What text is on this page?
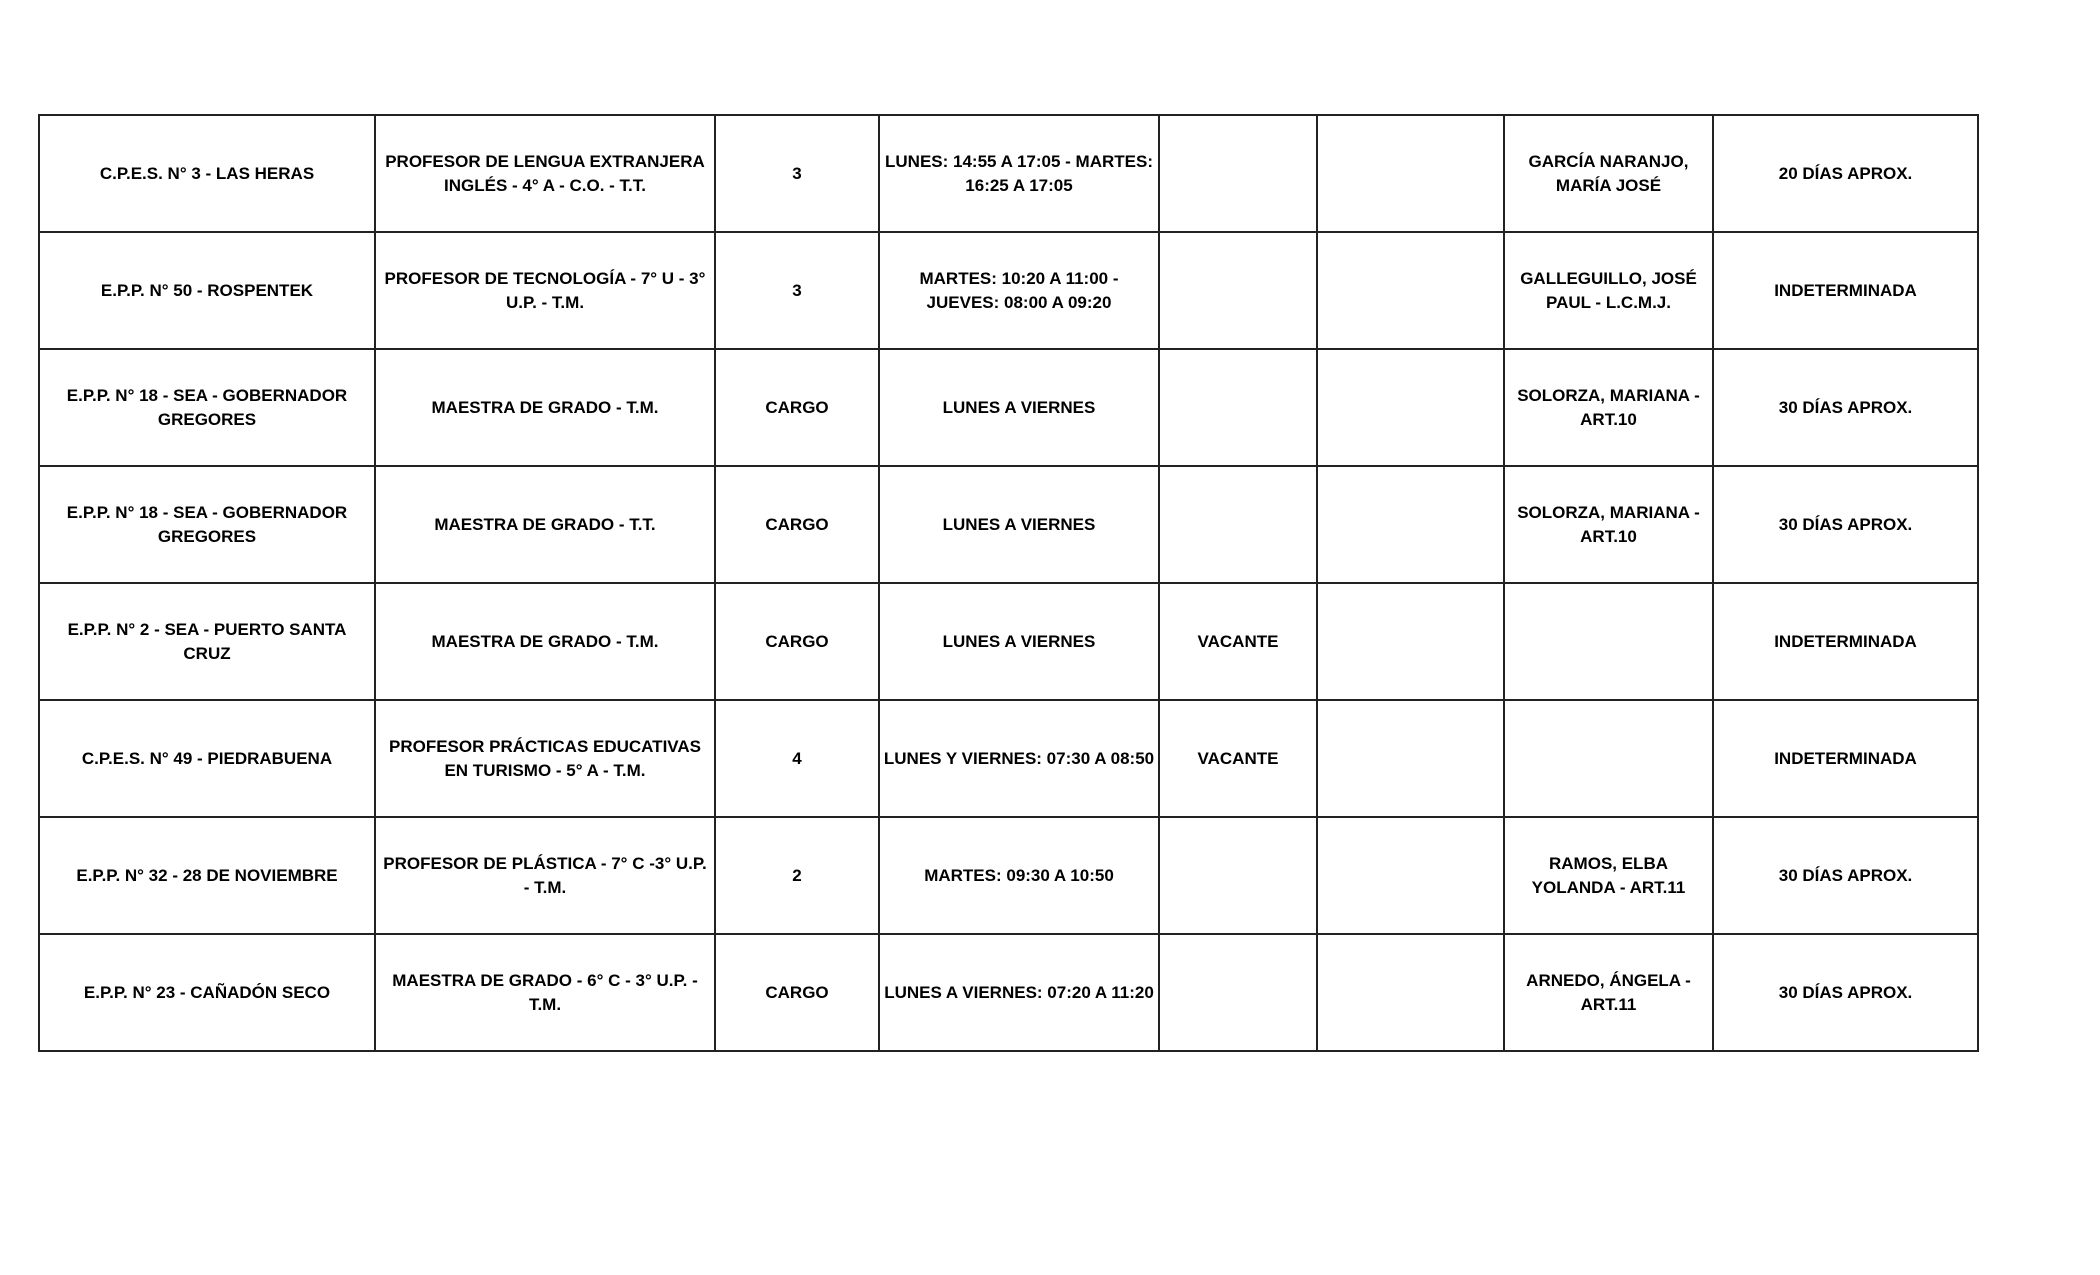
C.P.E.S. N° 3 - LAS HERAS	PROFESOR DE LENGUA EXTRANJERA INGLÉS - 4° A - C.O. - T.T.	3	LUNES: 14:55 A 17:05 - MARTES: 16:25 A 17:05			GARCÍA NARANJO, MARÍA JOSÉ	20 DÍAS APROX.
E.P.P. N° 50 - ROSPENTEK	PROFESOR DE TECNOLOGÍA - 7° U - 3° U.P. - T.M.	3	MARTES: 10:20 A 11:00 - JUEVES: 08:00 A 09:20			GALLEGUILLO, JOSÉ PAUL - L.C.M.J.	INDETERMINADA
E.P.P. N° 18 - SEA - GOBERNADOR GREGORES	MAESTRA DE GRADO - T.M.	CARGO	LUNES A VIERNES			SOLORZA, MARIANA - ART.10	30 DÍAS APROX.
E.P.P. N° 18 - SEA - GOBERNADOR GREGORES	MAESTRA DE GRADO - T.T.	CARGO	LUNES A VIERNES			SOLORZA, MARIANA - ART.10	30 DÍAS APROX.
E.P.P. N° 2 - SEA - PUERTO SANTA CRUZ	MAESTRA DE GRADO - T.M.	CARGO	LUNES A VIERNES	VACANTE			INDETERMINADA
C.P.E.S. N° 49 - PIEDRABUENA	PROFESOR PRÁCTICAS EDUCATIVAS EN TURISMO - 5° A - T.M.	4	LUNES Y VIERNES: 07:30 A 08:50	VACANTE			INDETERMINADA
E.P.P. N° 32 - 28 DE NOVIEMBRE	PROFESOR DE PLÁSTICA - 7° C -3° U.P. - T.M.	2	MARTES: 09:30 A 10:50			RAMOS, ELBA YOLANDA - ART.11	30 DÍAS APROX.
E.P.P. N° 23 - CAÑADÓN SECO	MAESTRA DE GRADO - 6° C - 3° U.P. - T.M.	CARGO	LUNES A VIERNES: 07:20 A 11:20			ARNEDO, ÁNGELA - ART.11	30 DÍAS APROX.
